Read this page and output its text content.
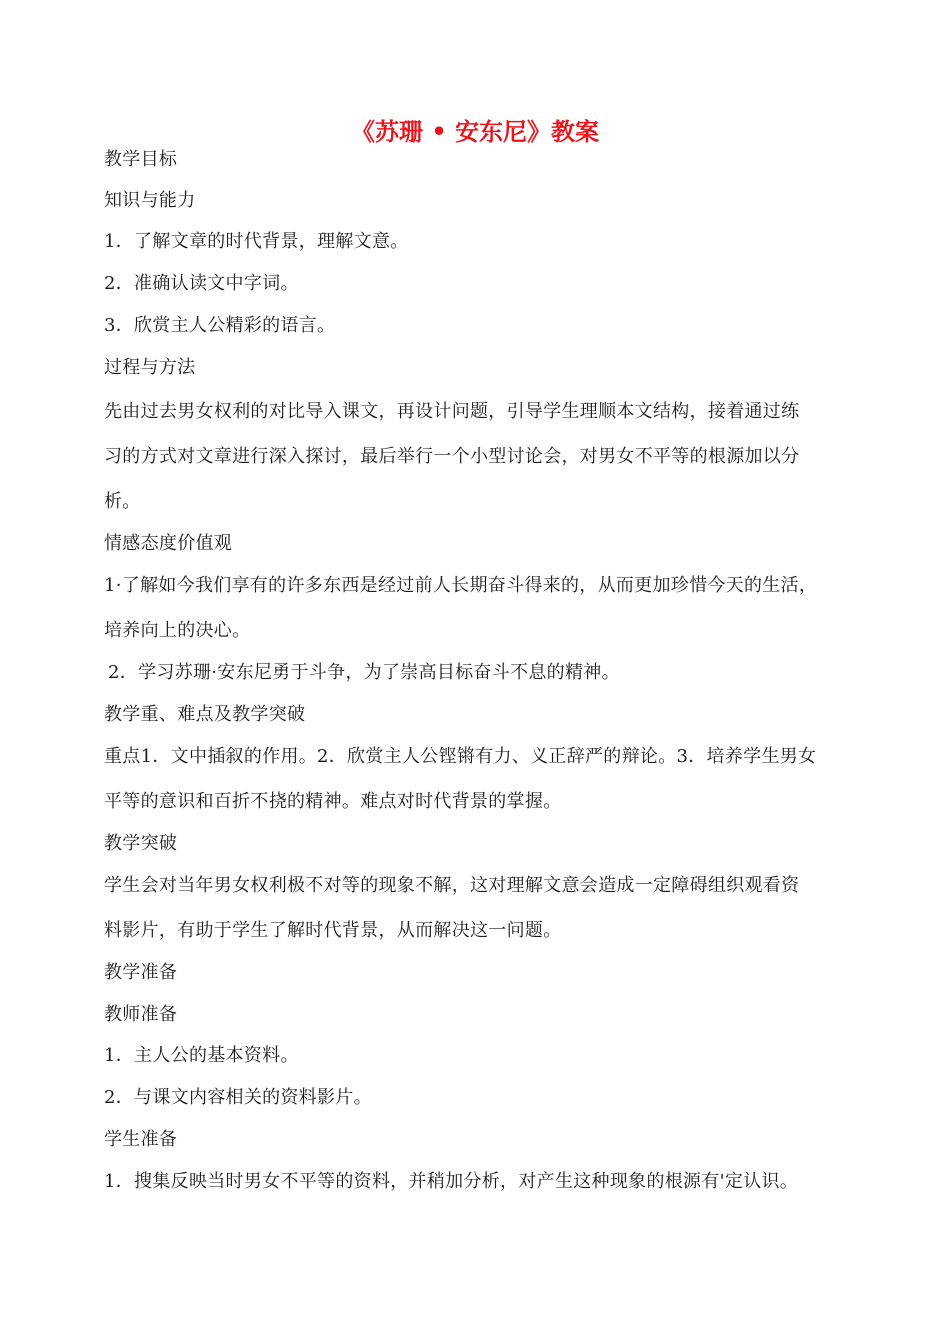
《苏珊 • 安东尼》教案
教学目标
知识与能力
1．了解文章的时代背景，理解文意。
2．准确认读文中字词。
3．欣赏主人公精彩的语言。
过程与方法
先由过去男女权利的对比导入课文，再设计问题，引导学生理顺本文结构，接着通过练
习的方式对文章进行深入探讨，最后举行一个小型讨论会，对男女不平等的根源加以分
析。
情感态度价值观
1·了解如今我们享有的许多东西是经过前人长期奋斗得来的，从而更加珍惜今天的生活，
培养向上的决心。
2．学习苏珊·安东尼勇于斗争，为了崇高目标奋斗不息的精神。
教学重、难点及教学突破
重点1．文中插叙的作用。2．欣赏主人公铿锵有力、义正辞严的辩论。3．培养学生男女
平等的意识和百折不挠的精神。难点对时代背景的掌握。
教学突破
学生会对当年男女权利极不对等的现象不解，这对理解文意会造成一定障碍组织观看资
料影片，有助于学生了解时代背景，从而解决这一问题。
教学准备
教师准备
1．主人公的基本资料。
2．与课文内容相关的资料影片。
学生准备
1．搜集反映当时男女不平等的资料，并稍加分析，对产生这种现象的根源有'定认识。
